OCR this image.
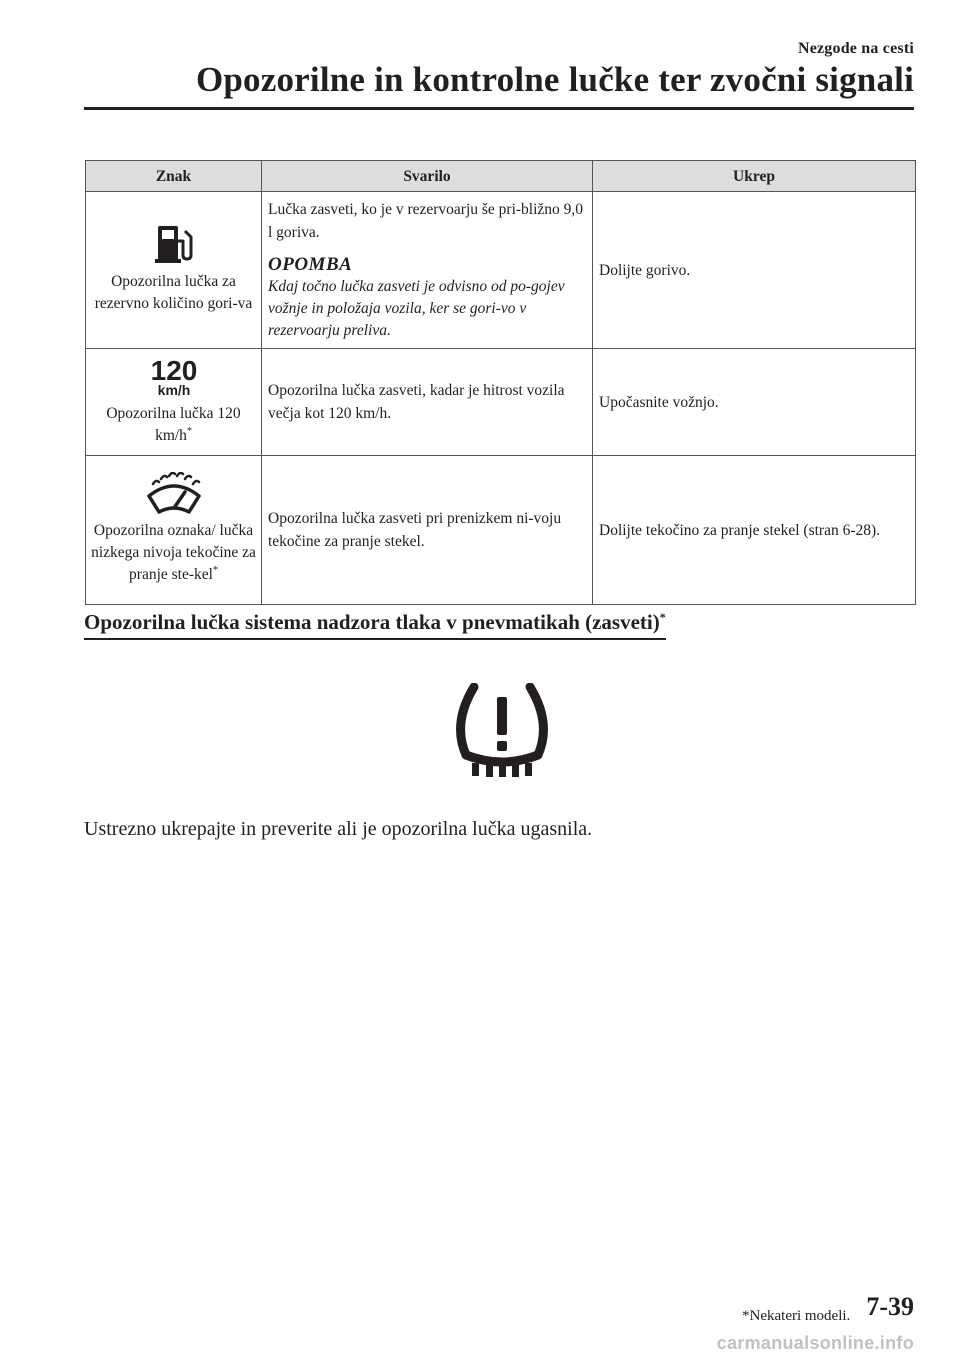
Nezgode na cesti
Opozorilne in kontrolne lučke ter zvočni signali
Znak	Svarilo	Ukrep

Opozorilna lučka za rezervno količino gori-va	Lučka zasveti, ko je v rezervoarju še pri-bližno 9,0 l goriva.
OPOMBA
Kdaj točno lučka zasveti je odvisno od po-gojev vožnje in položaja vozila, ker se gori-vo v rezervoarju preliva.	Dolijte gorivo.

120
km/h
Opozorilna lučka 120 km/h*	Opozorilna lučka zasveti, kadar je hitrost vozila večja kot 120 km/h.	Upočasnite vožnjo.

Opozorilna oznaka/ lučka nizkega nivoja tekočine za pranje ste-kel*	Opozorilna lučka zasveti pri prenizkem ni-voju tekočine za pranje stekel.	Dolijte tekočino za pranje stekel (stran 6-28).
Opozorilna lučka sistema nadzora tlaka v pnevmatikah (zasveti)*
Ustrezno ukrepajte in preverite ali je opozorilna lučka ugasnila.
*Nekateri modeli. 7-39
carmanualsonline.info
